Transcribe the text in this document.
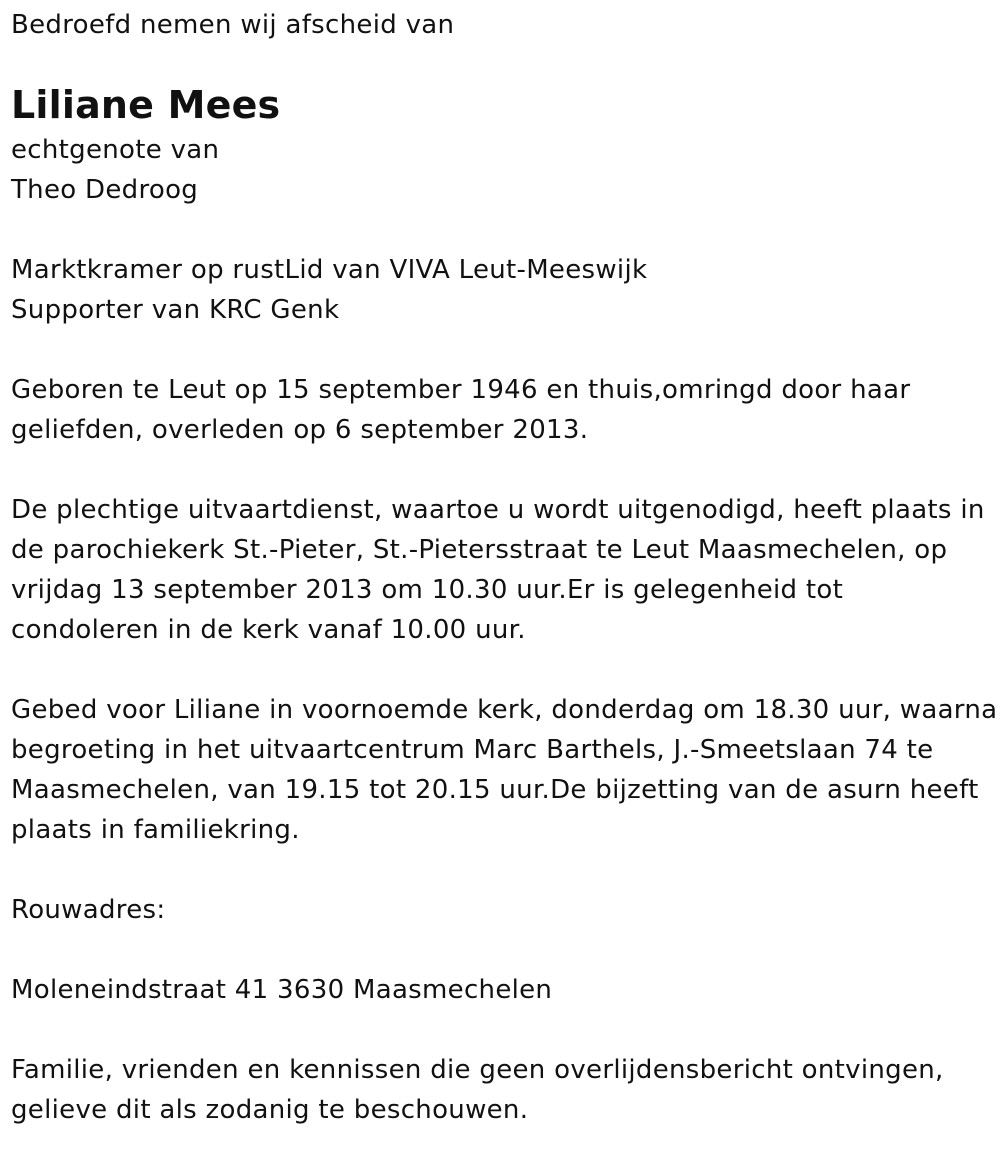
Bedroefd nemen wij afscheid van
Liliane Mees
echtgenote van
Theo Dedroog
Marktkramer op rustLid van VIVA Leut-Meeswijk
Supporter van KRC Genk
Geboren te Leut op 15 september 1946 en thuis,omringd door haar
geliefden, overleden op 6 september 2013.
De plechtige uitvaartdienst, waartoe u wordt uitgenodigd, heeft plaats in
de parochiekerk St.-Pieter, St.-Pietersstraat te Leut Maasmechelen, op
vrijdag 13 september 2013 om 10.30 uur.Er is gelegenheid tot
condoleren in de kerk vanaf 10.00 uur.
Gebed voor Liliane in voornoemde kerk, donderdag om 18.30 uur, waarna
begroeting in het uitvaartcentrum Marc Barthels, J.-Smeetslaan 74 te
Maasmechelen, van 19.15 tot 20.15 uur.De bijzetting van de asurn heeft
plaats in familiekring.
Rouwadres:
Moleneindstraat 41 3630 Maasmechelen
Familie, vrienden en kennissen die geen overlijdensbericht ontvingen,
gelieve dit als zodanig te beschouwen.
